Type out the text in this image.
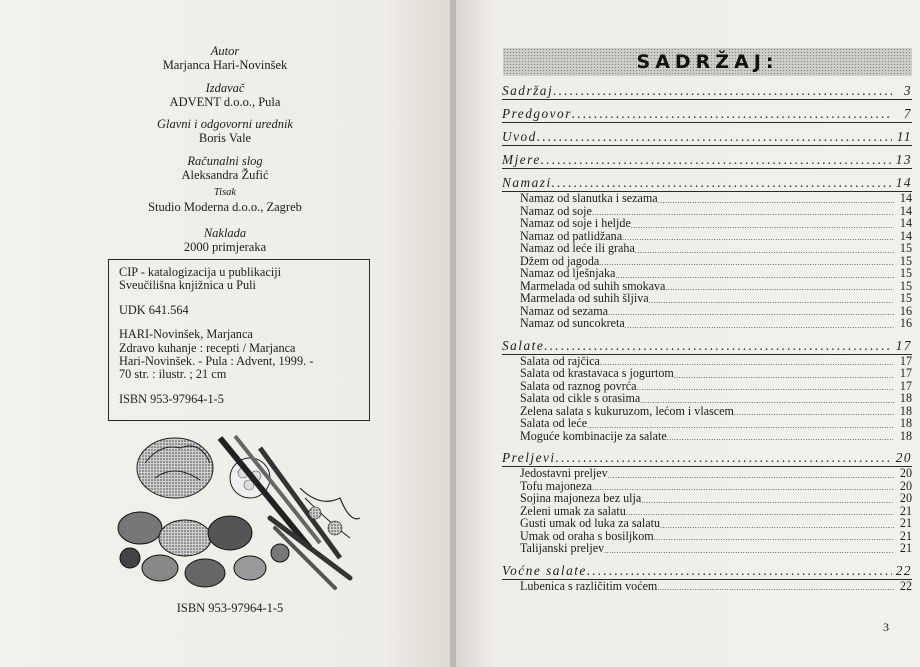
Autor
Marjanca Hari-Novinšek
Izdavač
ADVENT d.o.o., Pula
Glavni i odgovorni urednik
Boris Vale
Računalni slog
Aleksandra Žufić
Tisak
Studio Moderna d.o.o., Zagreb
Naklada
2000 primjeraka

CIP - katalogizacija u publikaciji

Sveučilišna knjižnica u Puli

UDK 641.564

HARI-Novinšek, Marjanca

Zdravo kuhanje : recepti / Marjanca

Hari-Novinšek. - Pula : Advent, 1999. -

70 str. : ilustr. ; 21 cm

ISBN 953-97964-1-5

ISBN 953-97964-1-5
SADRŽAJ:
Sadržaj .....	3
Predgovor .....	7
Uvod .....	11
Mjere .....	13
Namazi .....	14
Namaz od slanutka i sezama .....	14
Namaz od soje .....	14
Namaz od soje i heljde .....	14
Namaz od patlidžana .....	14
Namaz od leće ili graha .....	15
Džem od jagoda .....	15
Namaz od lješnjaka .....	15
Marmelada od suhih smokava .....	15
Marmelada od suhih šljiva .....	15
Namaz od sezama .....	16
Namaz od suncokreta .....	16
Salate .....	17
Salata od rajčica .....	17
Salata od krastavaca s jogurtom .....	17
Salata od raznog povrća .....	17
Salata od cikle s orasima .....	18
Zelena salata s kukuruzom, lećom i vlascem .....	18
Salata od leće .....	18
Moguće kombinacije za salate .....	18
Preljevi .....	20
Jedostavni preljev .....	20
Tofu majoneza .....	20
Sojina majoneza bez ulja .....	20
Zeleni umak za salatu .....	21
Gusti umak od luka za salatu .....	21
Umak od oraha s bosiljkom .....	21
Talijanski preljev .....	21
Voćne salate .....	22
Lubenica s različitim voćem .....	22
3
